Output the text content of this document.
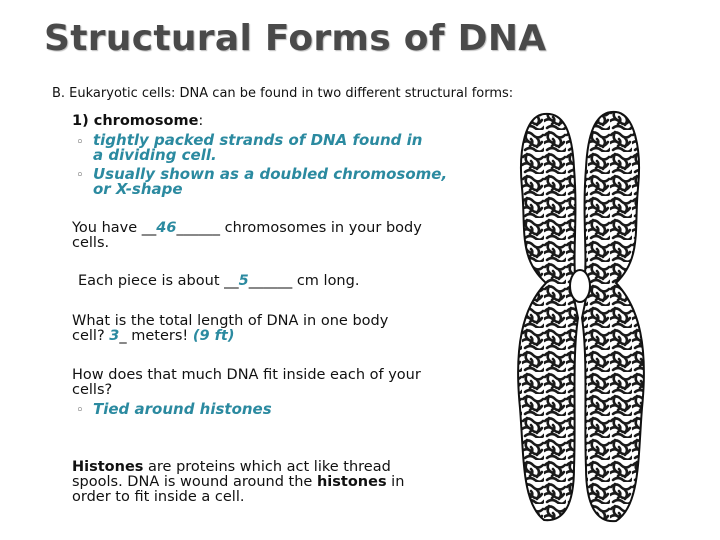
Structural Forms of DNA
B. Eukaryotic cells: DNA can be found in two different structural forms:
1) chromosome:
◦ tightly packed strands of DNA found in a dividing cell.
◦ Usually shown as a doubled chromosome, or X-shape
You have __46______ chromosomes in your body cells.
Each piece is about __5______ cm long.
What is the total length of DNA in one body cell? 3_ meters! (9 ft)
How does that much DNA fit inside each of your cells?
◦ Tied around histones
Histones are proteins which act like thread spools. DNA is wound around the histones in order to fit inside a cell.
